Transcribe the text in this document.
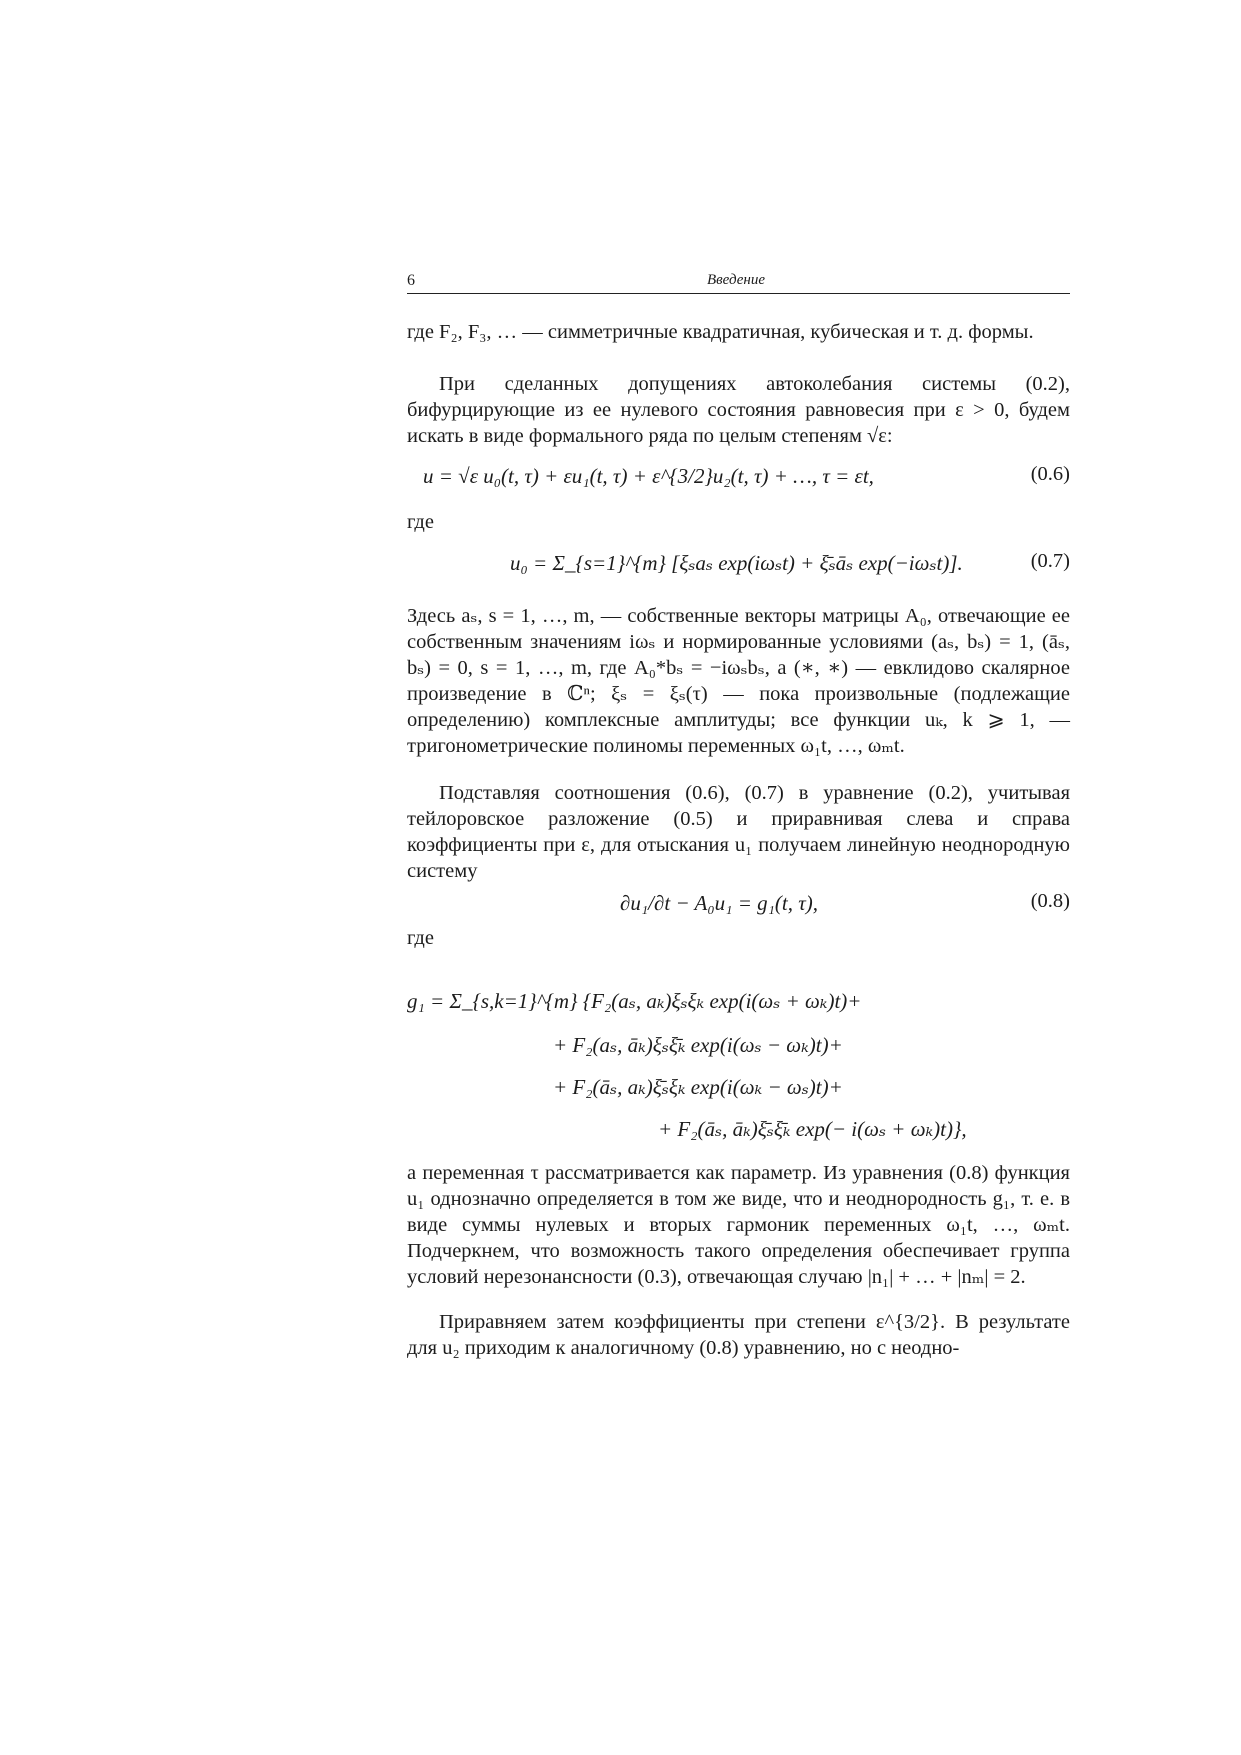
6	Введение
где F₂, F₃, … — симметричные квадратичная, кубическая и т. д. формы.
При сделанных допущениях автоколебания системы (0.2), бифурцирующие из ее нулевого состояния равновесия при ε > 0, будем искать в виде формального ряда по целым степеням √ε:
u = √ε u₀(t, τ) + εu₁(t, τ) + ε^{3/2}u₂(t, τ) + …, τ = εt,	(0.6)
где
u₀ = Σ_{s=1}^{m} [ξₛaₛ exp(iωₛt) + ξ̄ₛāₛ exp(−iωₛt)].	(0.7)
Здесь aₛ, s = 1, …, m, — собственные векторы матрицы A₀, отвечающие ее собственным значениям iωₛ и нормированные условиями (aₛ, bₛ) = 1, (āₛ, bₛ) = 0, s = 1, …, m, где A₀*bₛ = −iωₛbₛ, а (∗, ∗) — евклидово скалярное произведение в ℂⁿ; ξₛ = ξₛ(τ) — пока произвольные (подлежащие определению) комплексные амплитуды; все функции uₖ, k ⩾ 1, — тригонометрические полиномы переменных ω₁t, …, ωₘt.
Подставляя соотношения (0.6), (0.7) в уравнение (0.2), учитывая тейлоровское разложение (0.5) и приравнивая слева и справа коэффициенты при ε, для отыскания u₁ получаем линейную неоднородную систему
∂u₁/∂t − A₀u₁ = g₁(t, τ),	(0.8)
где
g₁ = Σ_{s,k=1}^{m} {F₂(aₛ, aₖ)ξₛξₖ exp(i(ωₛ + ωₖ)t)+
+ F₂(aₛ, āₖ)ξₛξ̄ₖ exp(i(ωₛ − ωₖ)t)+
+ F₂(āₛ, aₖ)ξ̄ₛξₖ exp(i(ωₖ − ωₛ)t)+
+ F₂(āₛ, āₖ)ξ̄ₛξ̄ₖ exp(− i(ωₛ + ωₖ)t)},
а переменная τ рассматривается как параметр. Из уравнения (0.8) функция u₁ однозначно определяется в том же виде, что и неоднородность g₁, т. е. в виде суммы нулевых и вторых гармоник переменных ω₁t, …, ωₘt. Подчеркнем, что возможность такого определения обеспечивает группа условий нерезонансности (0.3), отвечающая случаю |n₁| + … + |nₘ| = 2.
Приравняем затем коэффициенты при степени ε^{3/2}. В результате для u₂ приходим к аналогичному (0.8) уравнению, но с неодно-
